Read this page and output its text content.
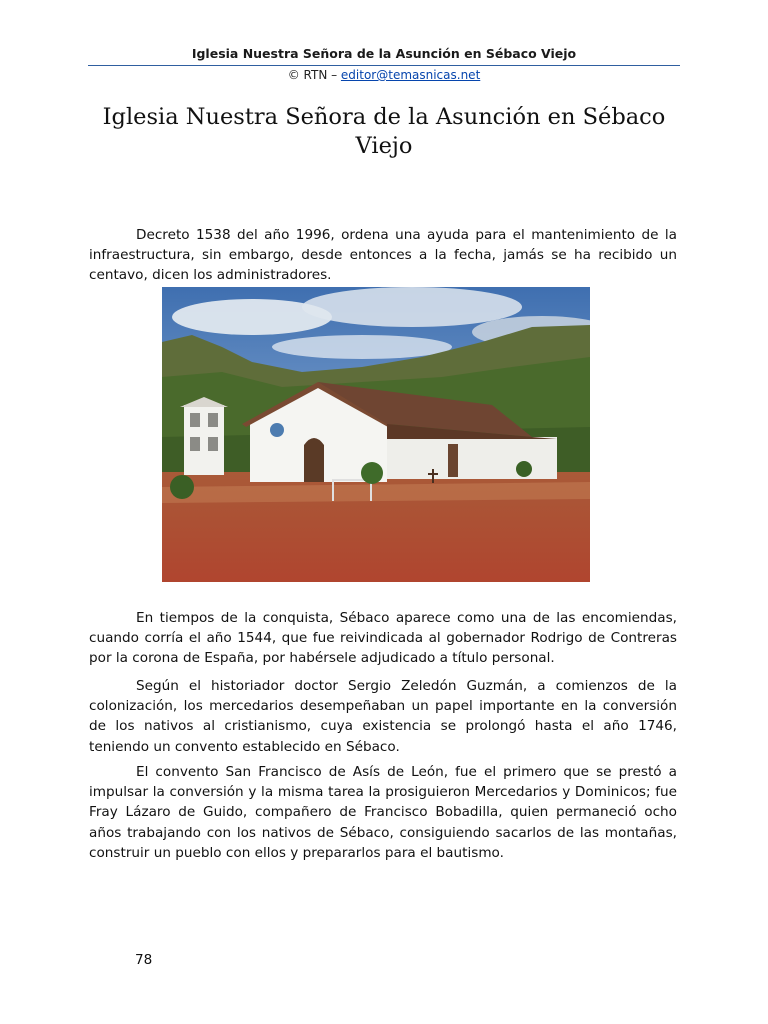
Iglesia Nuestra Señora de la Asunción en Sébaco Viejo
© RTN – editor@temasnicas.net
Iglesia Nuestra Señora de la Asunción en Sébaco Viejo

Decreto 1538 del año 1996, ordena una ayuda para el mantenimiento de la infraestructura, sin embargo, desde entonces a la fecha, jamás se ha recibido un centavo, dicen los administradores.

En tiempos de la conquista, Sébaco aparece como una de las encomiendas, cuando corría el año 1544, que fue reivindicada al gobernador Rodrigo de Contreras por la corona de España, por habérsele adjudicado a título personal.

Según el historiador doctor Sergio Zeledón Guzmán, a comienzos de la colonización, los mercedarios desempeñaban un papel importante en la conversión de los nativos al cristianismo, cuya existencia se prolongó hasta el año 1746, teniendo un convento establecido en Sébaco.

El convento San Francisco de Asís de León, fue el primero que se prestó a impulsar la conversión y la misma tarea la prosiguieron Mercedarios y Dominicos; fue Fray Lázaro de Guido, compañero de Francisco Bobadilla, quien permaneció ocho años trabajando con los nativos de Sébaco, consiguiendo sacarlos de las montañas, construir un pueblo con ellos y prepararlos para el bautismo.

78
